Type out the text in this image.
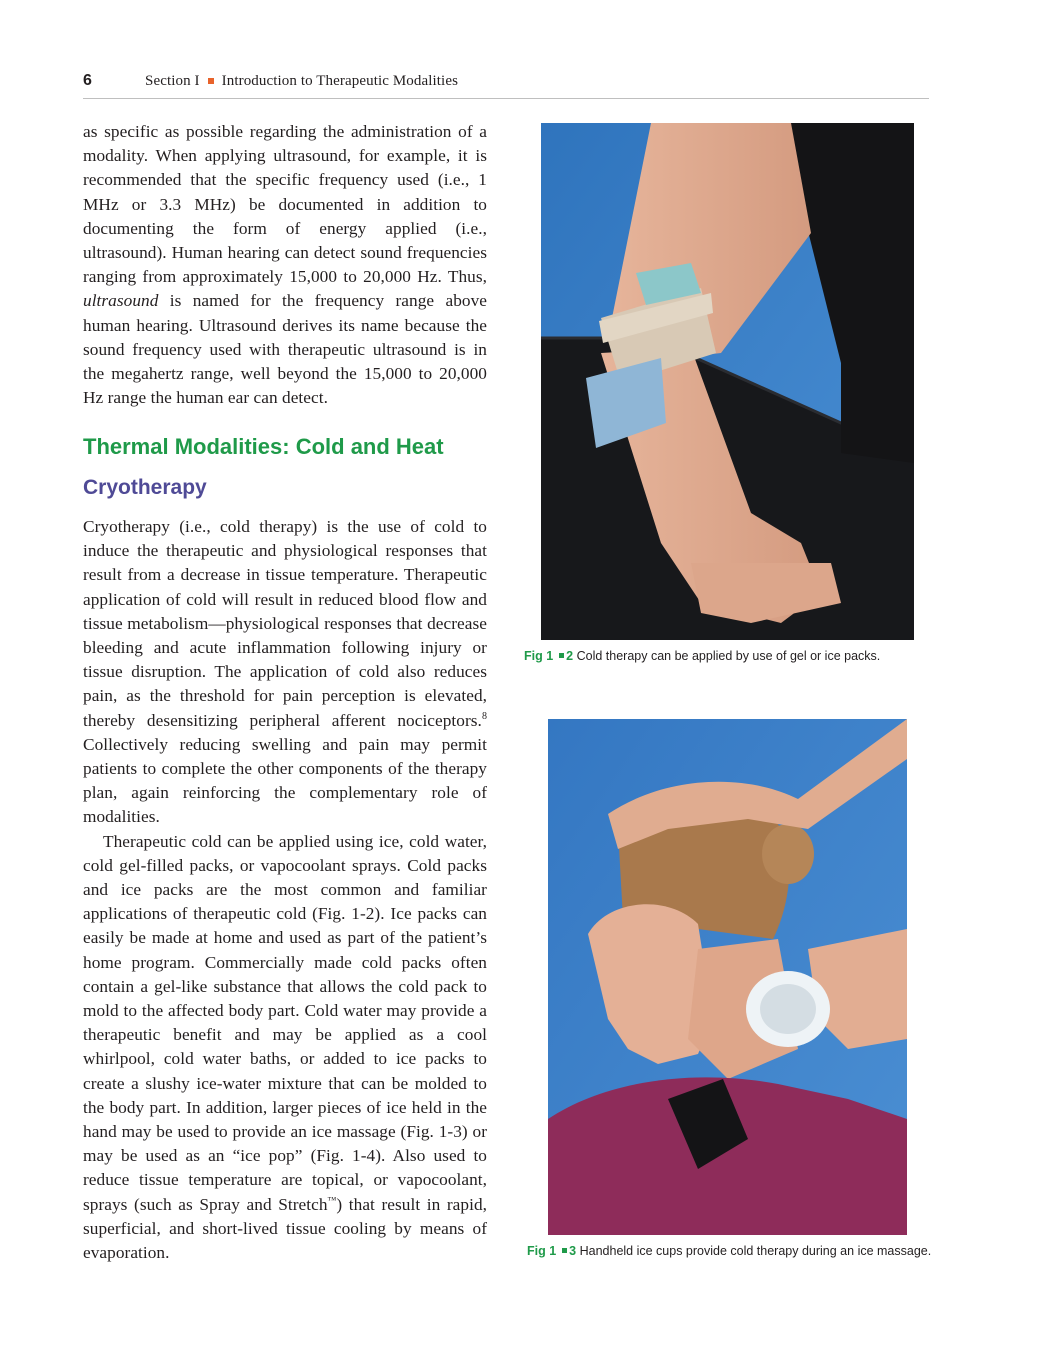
6	Section I Introduction to Therapeutic Modalities

as specific as possible regarding the administration of a modality. When applying ultrasound, for example, it is recommended that the specific frequency used (i.e., 1 MHz or 3.3 MHz) be documented in addition to documenting the form of energy applied (i.e., ultrasound). Human hearing can detect sound frequencies ranging from approximately 15,000 to 20,000 Hz. Thus, ultrasound is named for the frequency range above human hearing. Ultrasound derives its name because the sound frequency used with therapeutic ultrasound is in the megahertz range, well beyond the 15,000 to 20,000 Hz range the human ear can detect.

Thermal Modalities: Cold and Heat
Cryotherapy

Cryotherapy (i.e., cold therapy) is the use of cold to induce the therapeutic and physiological responses that result from a decrease in tissue temperature. Therapeutic application of cold will result in reduced blood flow and tissue metabolism—physiological responses that decrease bleeding and acute inflammation following injury or tissue disruption. The application of cold also reduces pain, as the threshold for pain perception is elevated, thereby desensitizing peripheral afferent nociceptors.$^8$ Collectively reducing swelling and pain may permit patients to complete the other components of the therapy plan, again reinforcing the complementary role of modalities.

Therapeutic cold can be applied using ice, cold water, cold gel-filled packs, or vapocoolant sprays. Cold packs and ice packs are the most common and familiar applications of therapeutic cold (Fig. 1-2). Ice packs can easily be made at home and used as part of the patient’s home program. Commercially made cold packs often contain a gel-like substance that allows the cold pack to mold to the affected body part. Cold water may provide a therapeutic benefit and may be applied as a cool whirlpool, cold water baths, or added to ice packs to create a slushy ice-water mixture that can be molded to the body part. In addition, larger pieces of ice held in the hand may be used to provide an ice massage (Fig. 1-3) or may be used as an “ice pop” (Fig. 1-4). Also used to reduce tissue temperature are topical, or vapocoolant, sprays (such as Spray and Stretch™) that result in rapid, superficial, and short-lived tissue cooling by means of evaporation.

Fig 1 2 Cold therapy can be applied by use of gel or ice packs.
Fig 1 3 Handheld ice cups provide cold therapy during an ice massage.
